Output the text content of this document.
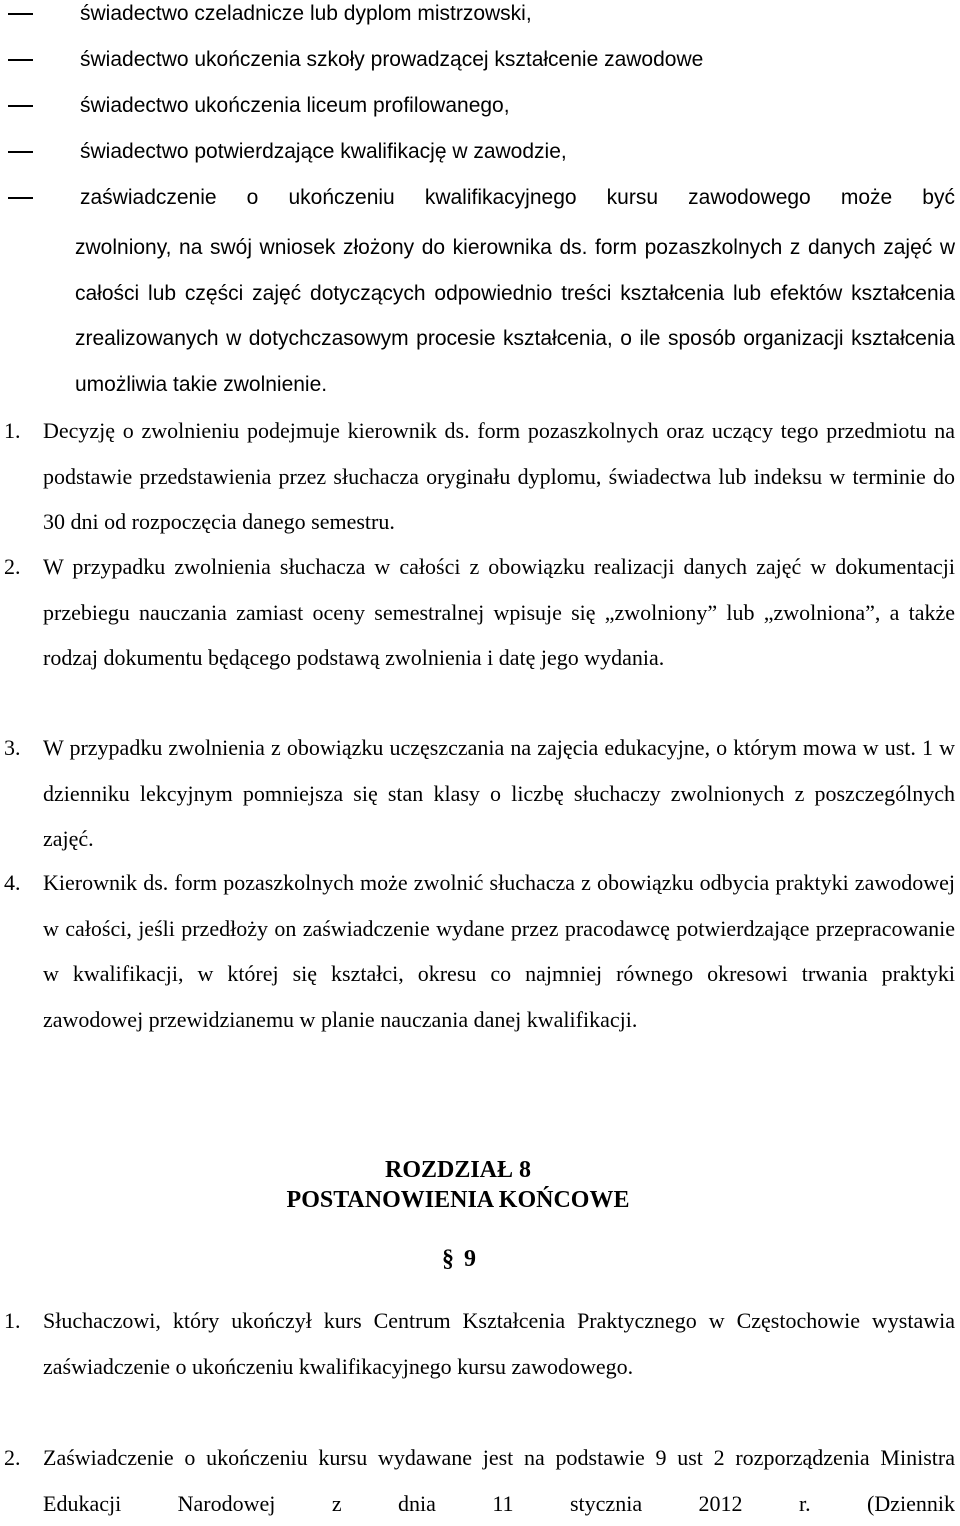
świadectwo czeladnicze lub dyplom mistrzowski,
świadectwo ukończenia szkoły prowadzącej kształcenie zawodowe
świadectwo ukończenia liceum profilowanego,
świadectwo potwierdzające kwalifikację w zawodzie,
zaświadczenie o ukończeniu kwalifikacyjnego kursu zawodowego może być
zwolniony, na swój wniosek złożony do kierownika ds. form pozaszkolnych z danych zajęć w całości lub części zajęć dotyczących odpowiednio treści kształcenia lub efektów kształcenia zrealizowanych w dotychczasowym procesie kształcenia, o ile sposób organizacji kształcenia umożliwia takie zwolnienie.
1. Decyzję o zwolnieniu podejmuje kierownik ds. form pozaszkolnych oraz uczący tego przedmiotu na podstawie przedstawienia przez słuchacza oryginału dyplomu, świadectwa lub indeksu w terminie do 30 dni od rozpoczęcia danego semestru.
2. W przypadku zwolnienia słuchacza w całości z obowiązku realizacji danych zajęć w dokumentacji przebiegu nauczania zamiast oceny semestralnej wpisuje się „zwolniony” lub „zwolniona”, a także rodzaj dokumentu będącego podstawą zwolnienia i datę jego wydania.
3. W przypadku zwolnienia z obowiązku uczęszczania na zajęcia edukacyjne, o którym mowa w ust. 1 w dzienniku lekcyjnym pomniejsza się stan klasy o liczbę słuchaczy zwolnionych z poszczególnych zajęć.
4. Kierownik ds. form pozaszkolnych może zwolnić słuchacza z obowiązku odbycia praktyki zawodowej w całości, jeśli przedłoży on zaświadczenie wydane przez pracodawcę potwierdzające przepracowanie w kwalifikacji, w której się kształci, okresu co najmniej równego okresowi trwania praktyki zawodowej przewidzianemu w planie nauczania danej kwalifikacji.
ROZDZIAŁ 8
POSTANOWIENIA KOŃCOWE
§ 9
1. Słuchaczowi, który ukończył kurs Centrum Kształcenia Praktycznego w Częstochowie wystawia zaświadczenie o ukończeniu kwalifikacyjnego kursu zawodowego.
2. Zaświadczenie o ukończeniu kursu wydawane jest na podstawie 9 ust 2 rozporządzenia Ministra Edukacji Narodowej z dnia 11 stycznia 2012 r. (Dziennik
